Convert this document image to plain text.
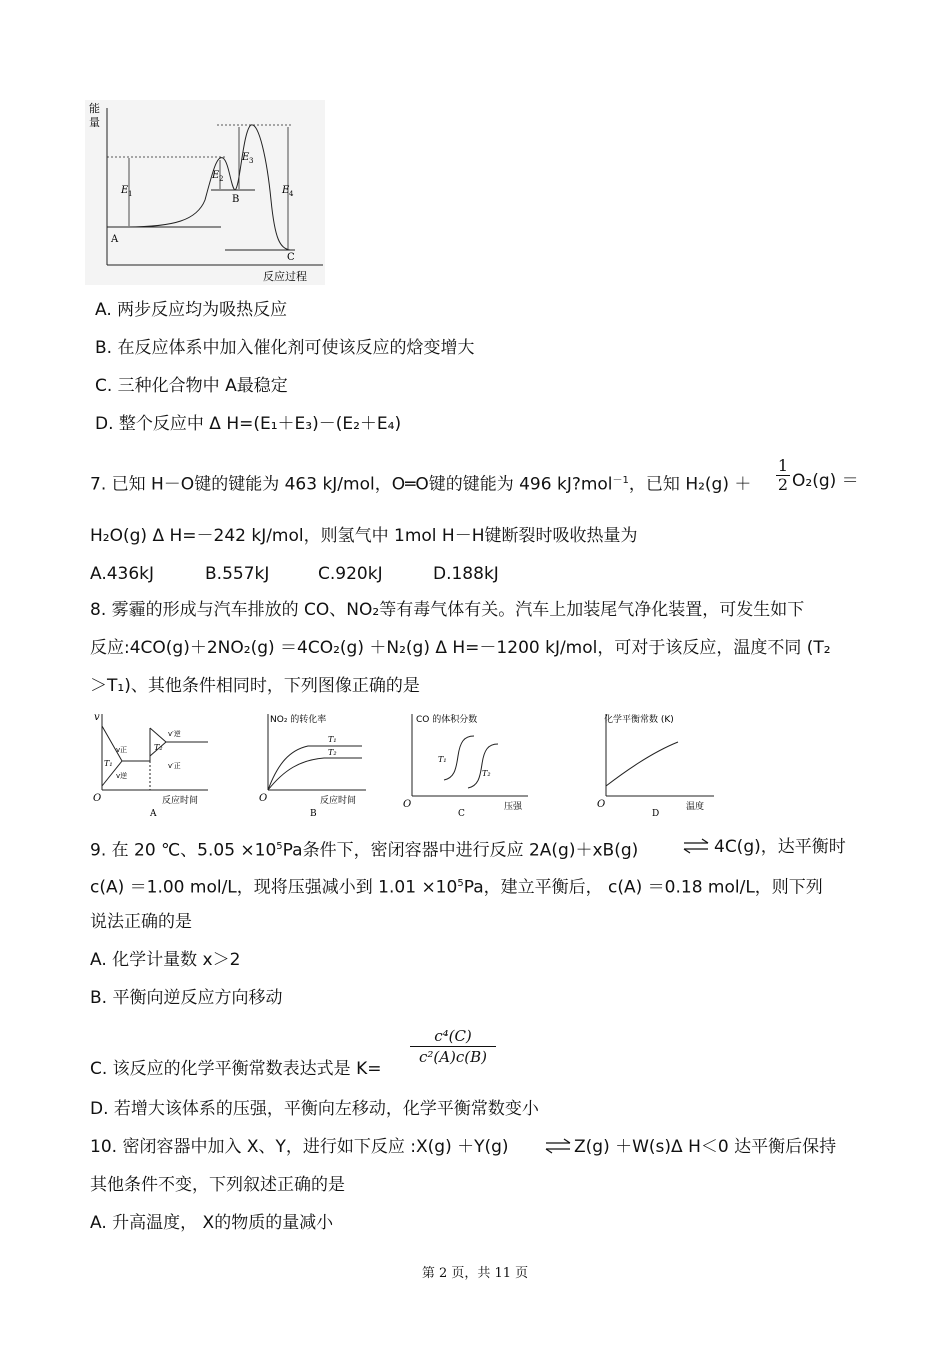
A
B
C
E 1
E 2
E 3
E 4
能
量
反应过程
A. 两步反应均为吸热反应
B. 在反应体系中加入催化剂可使该反应的焓变增大
C. 三种化合物中 A最稳定
D. 整个反应中 Δ H=(E₁＋E₃)－(E₂＋E₄)
7. 已知 H－O键的键能为 463 kJ/mol，O═O键的键能为 496 kJ?mol$^{-1}$，已知 $H_2(g) + \frac{1}{2} O_2(g)$ ＝
H₂O(g) Δ H=－242 kJ/mol，则氢气中 1mol H－H键断裂时吸收热量为
A.436kJ	B.557kJ	C.920kJ	D.188kJ
8. 雾霾的形成与汽车排放的 CO、NO₂等有毒气体有关。汽车上加装尾气净化装置，可发生如下
反应:4CO(g)＋2NO₂(g) ＝4CO₂(g) ＋N₂(g) Δ H=－1200 kJ/mol，可对于该反应，温度不同 (T₂
＞T₁)、其他条件相同时，下列图像正确的是
v
O
T₁
T₂
v正
v逆
v′逆
v′正
反应时间
A
NO₂ 的转化率
O
T₁
T₂
反应时间
B
CO 的体积分数
O
T₁
T₂
压强
C
化学平衡常数 (K)
O	温度
D
9. 在 20 ℃、$5.05 \times 10^5Pa$条件下，密闭容器中进行反应 2A(g)＋xB(g)	⇌ 4C(g)，达平衡时
c(A) ＝1.00 mol/L，现将压强减小到 $1.01 \times 10^5Pa$，建立平衡后， c(A) ＝0.18 mol/L，则下列
说法正确的是
A. 化学计量数 x＞2
B. 平衡向逆反应方向移动
C. 该反应的化学平衡常数表达式是 K=
$\frac{\text{c⁴(C)}}{\text{c²(A)c(B)}}$
D. 若增大该体系的压强，平衡向左移动，化学平衡常数变小
10. 密闭容器中加入 X、Y，进行如下反应 :X(g) ＋Y(g) ⇌ Z(g) ＋W(s)Δ H＜0 达平衡后保持
其他条件不变，下列叙述正确的是
A. 升高温度， X的物质的量减小
第 2 页，共 11 页
